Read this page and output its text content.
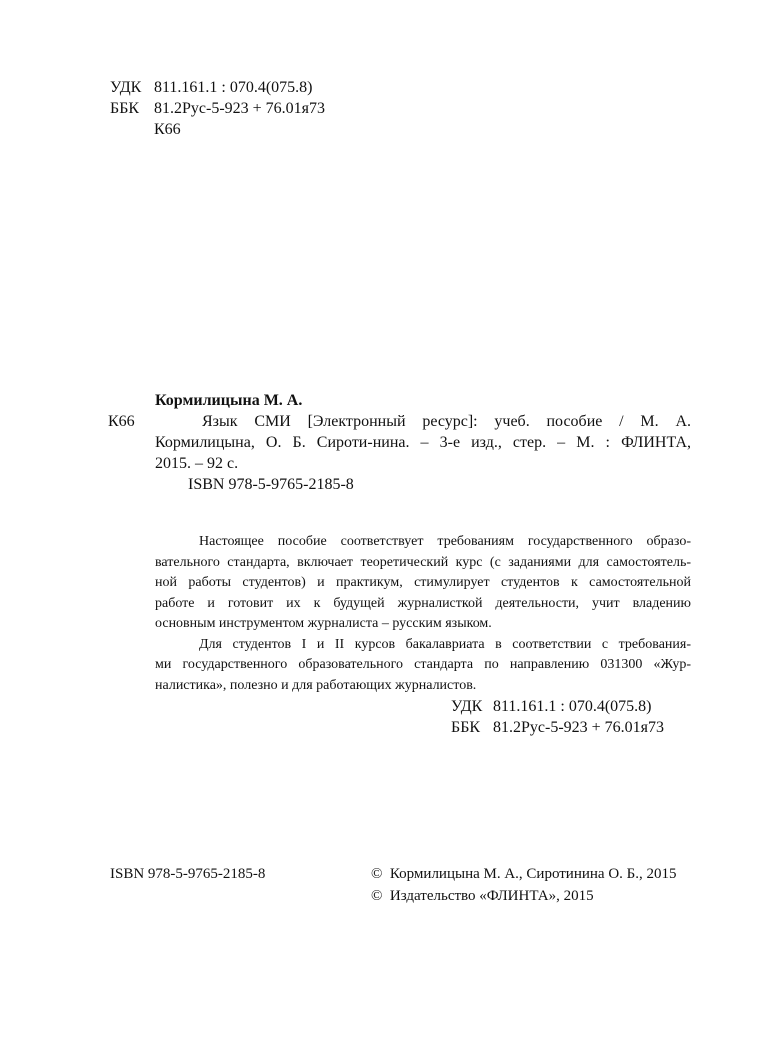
УДК 811.161.1 : 070.4(075.8)
ББК 81.2Рус-5-923 + 76.01я73
К66
Кормилицына М. А.
К66	Язык СМИ [Электронный ресурс]: учеб. пособие / М. А.
Кормилицына, О. Б. Сироти-нина. – 3-е изд., стер. – М. : ФЛИНТА,
2015. – 92 с.
ISBN 978-5-9765-2185-8
Настоящее пособие соответствует требованиям государственного образо-
вательного стандарта, включает теоретический курс (с заданиями для самостоятель-
ной работы студентов) и практикум, стимулирует студентов к самостоятельной
работе и готовит их к будущей журналисткой деятельности, учит владению
основным инструментом журналиста – русским языком.
Для студентов I и II курсов бакалавриата в соответствии с требования-
ми государственного образовательного стандарта по направлению 031300 «Жур-
налистика», полезно и для работающих журналистов.
УДК 811.161.1 : 070.4(075.8)
ББК 81.2Рус-5-923 + 76.01я73
ISBN 978-5-9765-2185-8	©  Кормилицына М. А., Сиротинина О. Б., 2015
©  Издательство «ФЛИНТА», 2015
